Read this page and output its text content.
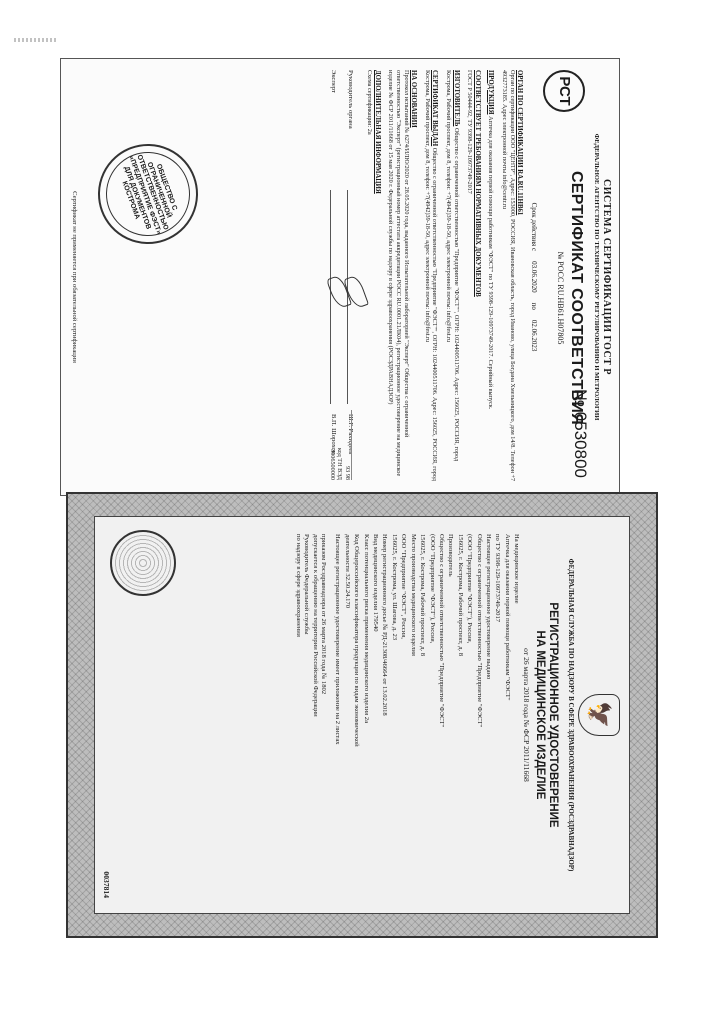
СИСТЕМА СЕРТИФИКАЦИИ ГОСТ Р
ФЕДЕРАЛЬНОЕ АГЕНТСТВО ПО ТЕХНИЧЕСКОМУ РЕГУЛИРОВАНИЮ И МЕТРОЛОГИИ
РСТ
СЕРТИФИКАТ СООТВЕТСТВИЯ
№ РОСС RU.HB61.Н07805
№ 0530800
Срок действия с
03.06.2020
по
02.06.2023
ОРГАН ПО СЕРТИФИКАЦИИ RA.RU.11HB61
Орган по сертификации ООО "ЦЕНТР", Адрес: 153000, РОССИЯ, Ивановская область, город Иваново, улица Богдана Хмельницкого, дом 14/8. Телефон +7 4932773185. Адрес электронной почты info@centr.ru
ПРОДУКЦИЯ Аптечка для оказания первой помощи работникам "ФЭСТ" по ТУ 9398-129-10973749-2017. Серийный выпуск.
СООТВЕТСТВУЕТ ТРЕБОВАНИЯМ НОРМАТИВНЫХ ДОКУМЕНТОВ
ГОСТ Р 50444-92, ТУ 9398-129-10973749-2017
93 98
код ТН ВЭД
3006500000
ИЗГОТОВИТЕЛЬ Общество с ограниченной ответственностью "Предприятие "ФЭСТ"", ОГРН: 1024400511706. Адрес: 156025, РОССИЯ, город Кострома, Рабочий проспект, дом 8, телефон: +7(4942)39-18-50, адрес электронной почты: info@fest.ru
СЕРТИФИКАТ ВЫДАН Общество с ограниченной ответственностью "Предприятие "ФЭСТ"", ОГРН: 1024400511706. Адрес: 156025, РОССИЯ, город Кострома, Рабочий проспект, дом 8, телефон: +7(4942)39-18-50, адрес электронной почты: info@fest.ru
НА ОСНОВАНИИ
Протокол испытаний № 6274/ИЛЮ/2020 от 28.05.2020 года, выданного Испытательной лабораторией "Эксперт" Общества с ограниченной ответственностью "Эксперт" (регистрационный номер аттестата аккредитации РОСС RU.0001.21ЛК04), регистрационное удостоверение на медицинское изделие № ФСР 2011/11668 от 15 мая 2020 г. Федеральной службы по надзору в сфере здравоохранения (РОСЗДРАВНАДЗОР)
ДОПОЛНИТЕЛЬНАЯ ИНФОРМАЦИЯ
Схема сертификации: 2а
Руководитель органа
Ш.Г. Рахидеев
Эксперт
В.П. Шорохов
ОБЩЕСТВО С ОГРАНИЧЕННОЙ ОТВЕТСТВЕННОСТЬЮ «ПРЕДПРИЯТИЕ ФЭСТ» ДЛЯ ДОКУМЕНТОВ КОСТРОМА
Сертификат не применяется при обязательной сертификации
🦅
ФЕДЕРАЛЬНАЯ СЛУЖБА ПО НАДЗОРУ В СФЕРЕ ЗДРАВООХРАНЕНИЯ (РОСЗДРАВНАДЗОР)
РЕГИСТРАЦИОННОЕ УДОСТОВЕРЕНИЕ
НА МЕДИЦИНСКОЕ ИЗДЕЛИЕ
от 26 марта 2018 года № ФСР 2011/11668
На медицинское изделие
Аптечка для оказания первой помощи работникам "ФЭСТ"
по ТУ 9398-129-10973749-2017
Настоящее регистрационное удостоверение выдано
Общество с ограниченной ответственностью "Предприятие "ФЭСТ"
(ООО "Предприятие "ФЭСТ"), Россия,
156025, г. Кострома, Рабочий проспект, д. 8
Производитель
Общество с ограниченной ответственностью "Предприятие "ФЭСТ"
(ООО "Предприятие "ФЭСТ"), Россия,
156025, г. Кострома, Рабочий проспект, д. 8
Место производства медицинского изделия
ООО "Предприятие "ФЭСТ", Россия,
156025, г. Кострома, ул. Шагова, д. 23
Номер регистрационного досье № РД-21308/46664 от 13.02.2018
Вид медицинского изделия 179540
Класс потенциального риска применения медицинского изделия 2а
Код Общероссийского классификатора продукции по видам экономической
деятельности 32.50.24.170
Настоящее регистрационное удостоверение имеет приложение на 2 листах
приказом Росздравнадзора от 26 марта 2018 года № 1802
допускается к обращению на территории Российской Федерации
Руководитель Федеральной службы
по надзору в сфере здравоохранения
0037814
